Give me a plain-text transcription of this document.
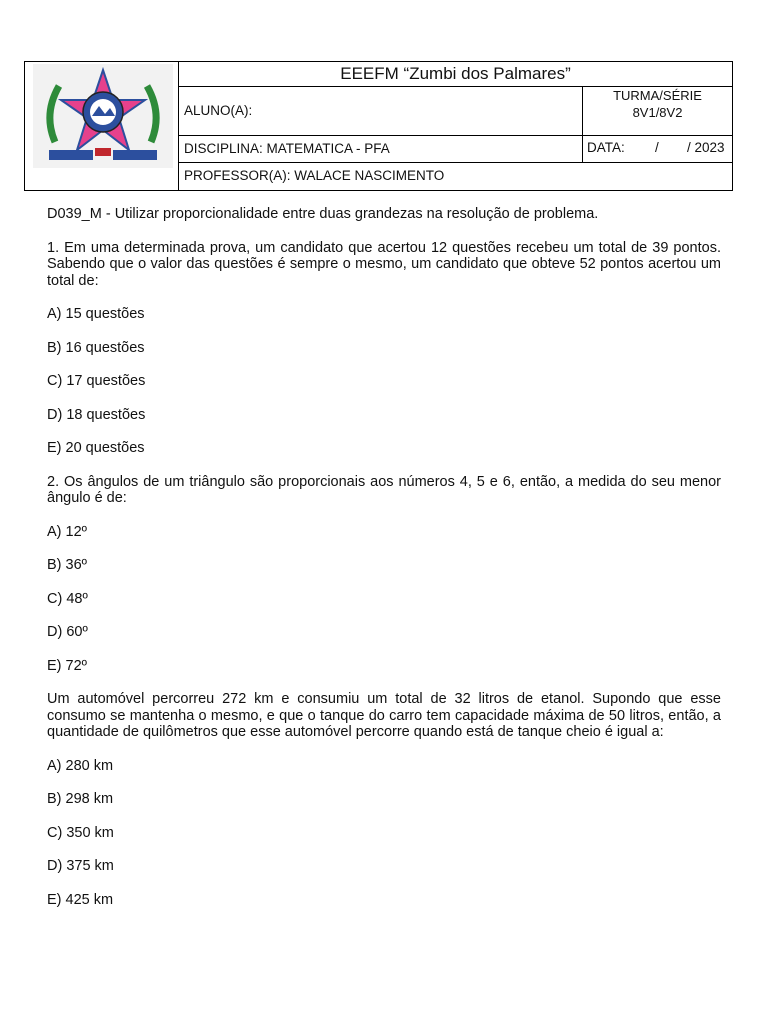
EEEFM “Zumbi dos Palmares”
ALUNO(A):
TURMA/SÉRIE
8V1/8V2
DISCIPLINA: MATEMATICA - PFA	DATA: / / 2023
PROFESSOR(A): WALACE NASCIMENTO

D039_M - Utilizar proporcionalidade entre duas grandezas na resolução de problema.

1. Em uma determinada prova, um candidato que acertou 12 questões recebeu um total de 39 pontos. Sabendo que o valor das questões é sempre o mesmo, um candidato que obteve 52 pontos acertou um total de:

A) 15 questões

B) 16 questões

C) 17 questões

D) 18 questões

E) 20 questões

2. Os ângulos de um triângulo são proporcionais aos números 4, 5 e 6, então, a medida do seu menor ângulo é de:

A) 12º

B) 36º

C) 48º

D) 60º

E) 72º

Um automóvel percorreu 272 km e consumiu um total de 32 litros de etanol. Supondo que esse consumo se mantenha o mesmo, e que o tanque do carro tem capacidade máxima de 50 litros, então, a quantidade de quilômetros que esse automóvel percorre quando está de tanque cheio é igual a:

A) 280 km

B) 298 km

C) 350 km

D) 375 km

E) 425 km
